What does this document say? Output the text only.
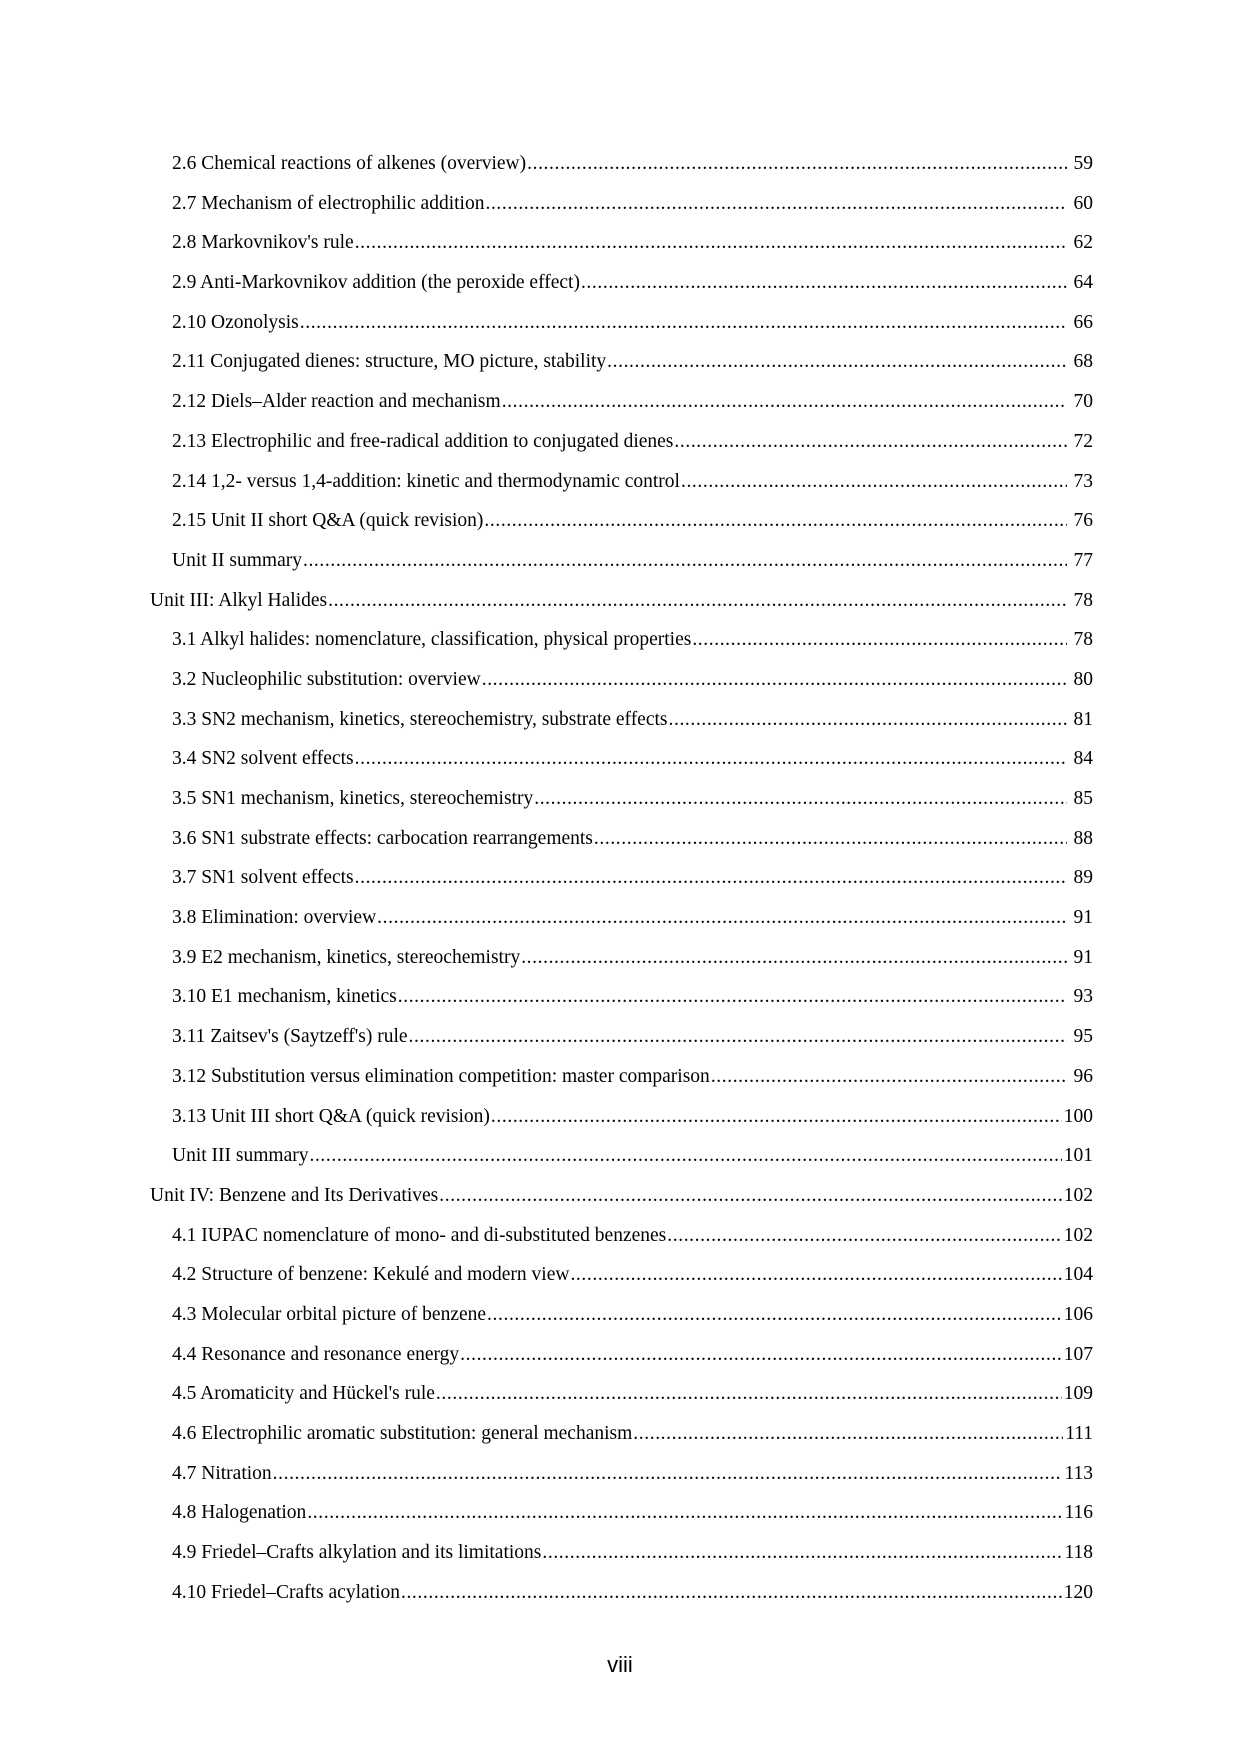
2.6 Chemical reactions of alkenes (overview) .....	59
2.7 Mechanism of electrophilic addition .....	60
2.8 Markovnikov's rule .....	62
2.9 Anti-Markovnikov addition (the peroxide effect) .....	64
2.10 Ozonolysis .....	66
2.11 Conjugated dienes: structure, MO picture, stability .....	68
2.12 Diels–Alder reaction and mechanism .....	70
2.13 Electrophilic and free-radical addition to conjugated dienes .....	72
2.14 1,2- versus 1,4-addition: kinetic and thermodynamic control .....	73
2.15 Unit II short Q&A (quick revision) .....	76
Unit II summary .....	77
Unit III: Alkyl Halides .....	78
3.1 Alkyl halides: nomenclature, classification, physical properties .....	78
3.2 Nucleophilic substitution: overview .....	80
3.3 SN2 mechanism, kinetics, stereochemistry, substrate effects .....	81
3.4 SN2 solvent effects .....	84
3.5 SN1 mechanism, kinetics, stereochemistry .....	85
3.6 SN1 substrate effects: carbocation rearrangements .....	88
3.7 SN1 solvent effects .....	89
3.8 Elimination: overview .....	91
3.9 E2 mechanism, kinetics, stereochemistry .....	91
3.10 E1 mechanism, kinetics .....	93
3.11 Zaitsev's (Saytzeff's) rule .....	95
3.12 Substitution versus elimination competition: master comparison .....	96
3.13 Unit III short Q&A (quick revision) .....	100
Unit III summary .....	101
Unit IV: Benzene and Its Derivatives .....	102
4.1 IUPAC nomenclature of mono- and di-substituted benzenes .....	102
4.2 Structure of benzene: Kekulé and modern view .....	104
4.3 Molecular orbital picture of benzene .....	106
4.4 Resonance and resonance energy .....	107
4.5 Aromaticity and Hückel's rule .....	109
4.6 Electrophilic aromatic substitution: general mechanism .....	111
4.7 Nitration .....	113
4.8 Halogenation .....	116
4.9 Friedel–Crafts alkylation and its limitations .....	118
4.10 Friedel–Crafts acylation .....	120
viii
